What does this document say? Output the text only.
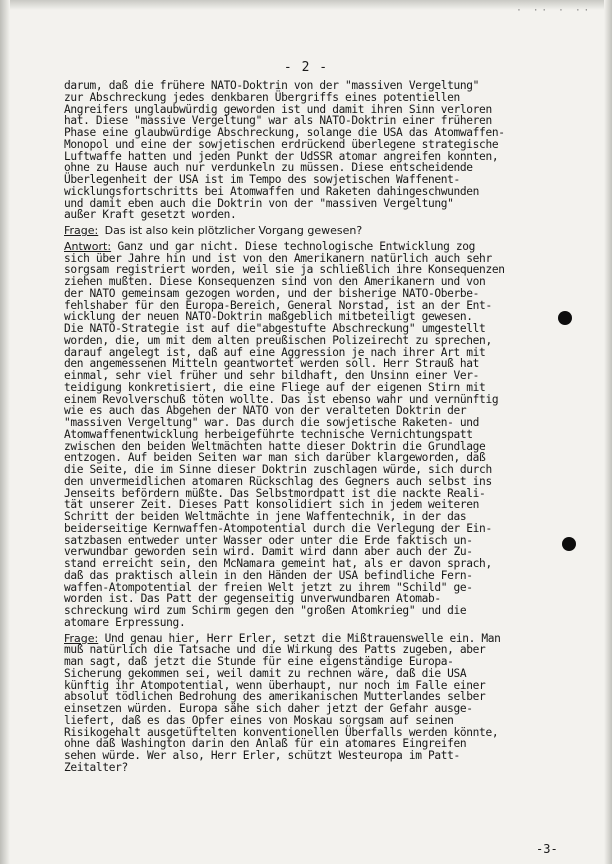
· ·· · ··
- 2 -
darum, daß die frühere NATO-Doktrin von der "massiven Vergeltung"
zur Abschreckung jedes denkbaren Übergriffs eines potentiellen
Angreifers unglaubwürdig geworden ist und damit ihren Sinn verloren
hat. Diese "massive Vergeltung" war als NATO-Doktrin einer früheren
Phase eine glaubwürdige Abschreckung, solange die USA das Atomwaffen-
Monopol und eine der sowjetischen erdrückend überlegene strategische
Luftwaffe hatten und jeden Punkt der UdSSR atomar angreifen konnten,
ohne zu Hause auch nur verdunkeln zu müssen. Diese entscheidende
Überlegenheit der USA ist im Tempo des sowjetischen Waffenent-
wicklungsfortschritts bei Atomwaffen und Raketen dahingeschwunden
und damit eben auch die Doktrin von der "massiven Vergeltung"
außer Kraft gesetzt worden.
Frage: Das ist also kein plötzlicher Vorgang gewesen?
Antwort: Ganz und gar nicht. Diese technologische Entwicklung zog
sich über Jahre hin und ist von den Amerikanern natürlich auch sehr
sorgsam registriert worden, weil sie ja schließlich ihre Konsequenzen
ziehen mußten. Diese Konsequenzen sind von den Amerikanern und von
der NATO gemeinsam gezogen worden, und der bisherige NATO-Oberbe-
fehlshaber für den Europa-Bereich, General Norstad, ist an der Ent-
wicklung der neuen NATO-Doktrin maßgeblich mitbeteiligt gewesen.
Die NATO-Strategie ist auf die"abgestufte Abschreckung" umgestellt
worden, die, um mit dem alten preußischen Polizeirecht zu sprechen,
darauf angelegt ist, daß auf eine Aggression je nach ihrer Art mit
den angemessenen Mitteln geantwortet werden soll. Herr Strauß hat
einmal, sehr viel früher und sehr bildhaft, den Unsinn einer Ver-
teidigung konkretisiert, die eine Fliege auf der eigenen Stirn mit
einem Revolverschuß töten wollte. Das ist ebenso wahr und vernünftig
wie es auch das Abgehen der NATO von der veralteten Doktrin der
"massiven Vergeltung" war. Das durch die sowjetische Raketen- und
Atomwaffenentwicklung herbeigeführte technische Vernichtungspatt
zwischen den beiden Weltmächten hatte dieser Doktrin die Grundlage
entzogen. Auf beiden Seiten war man sich darüber klargeworden, daß
die Seite, die im Sinne dieser Doktrin zuschlagen würde, sich durch
den unvermeidlichen atomaren Rückschlag des Gegners auch selbst ins
Jenseits befördern müßte. Das Selbstmordpatt ist die nackte Reali-
tät unserer Zeit. Dieses Patt konsolidiert sich in jedem weiteren
Schritt der beiden Weltmächte in jene Waffentechnik, in der das
beiderseitige Kernwaffen-Atompotential durch die Verlegung der Ein-
satzbasen entweder unter Wasser oder unter die Erde faktisch un-
verwundbar geworden sein wird. Damit wird dann aber auch der Zu-
stand erreicht sein, den McNamara gemeint hat, als er davon sprach,
daß das praktisch allein in den Händen der USA befindliche Fern-
waffen-Atompotential der freien Welt jetzt zu ihrem "Schild" ge-
worden ist. Das Patt der gegenseitig unverwundbaren Atomab-
schreckung wird zum Schirm gegen den "großen Atomkrieg" und die
atomare Erpressung.
Frage: Und genau hier, Herr Erler, setzt die Mißtrauenswelle ein. Man
muß natürlich die Tatsache und die Wirkung des Patts zugeben, aber
man sagt, daß jetzt die Stunde für eine eigenständige Europa-
Sicherung gekommen sei, weil damit zu rechnen wäre, daß die USA
künftig ihr Atompotential, wenn überhaupt, nur noch im Falle einer
absolut tödlichen Bedrohung des amerikanischen Mutterlandes selber
einsetzen würden. Europa sähe sich daher jetzt der Gefahr ausge-
liefert, daß es das Opfer eines von Moskau sorgsam auf seinen
Risikogehalt ausgetüftelten konventionellen Überfalls werden könnte,
ohne daß Washington darin den Anlaß für ein atomares Eingreifen
sehen würde. Wer also, Herr Erler, schützt Westeuropa im Patt-
Zeitalter?
-3-
